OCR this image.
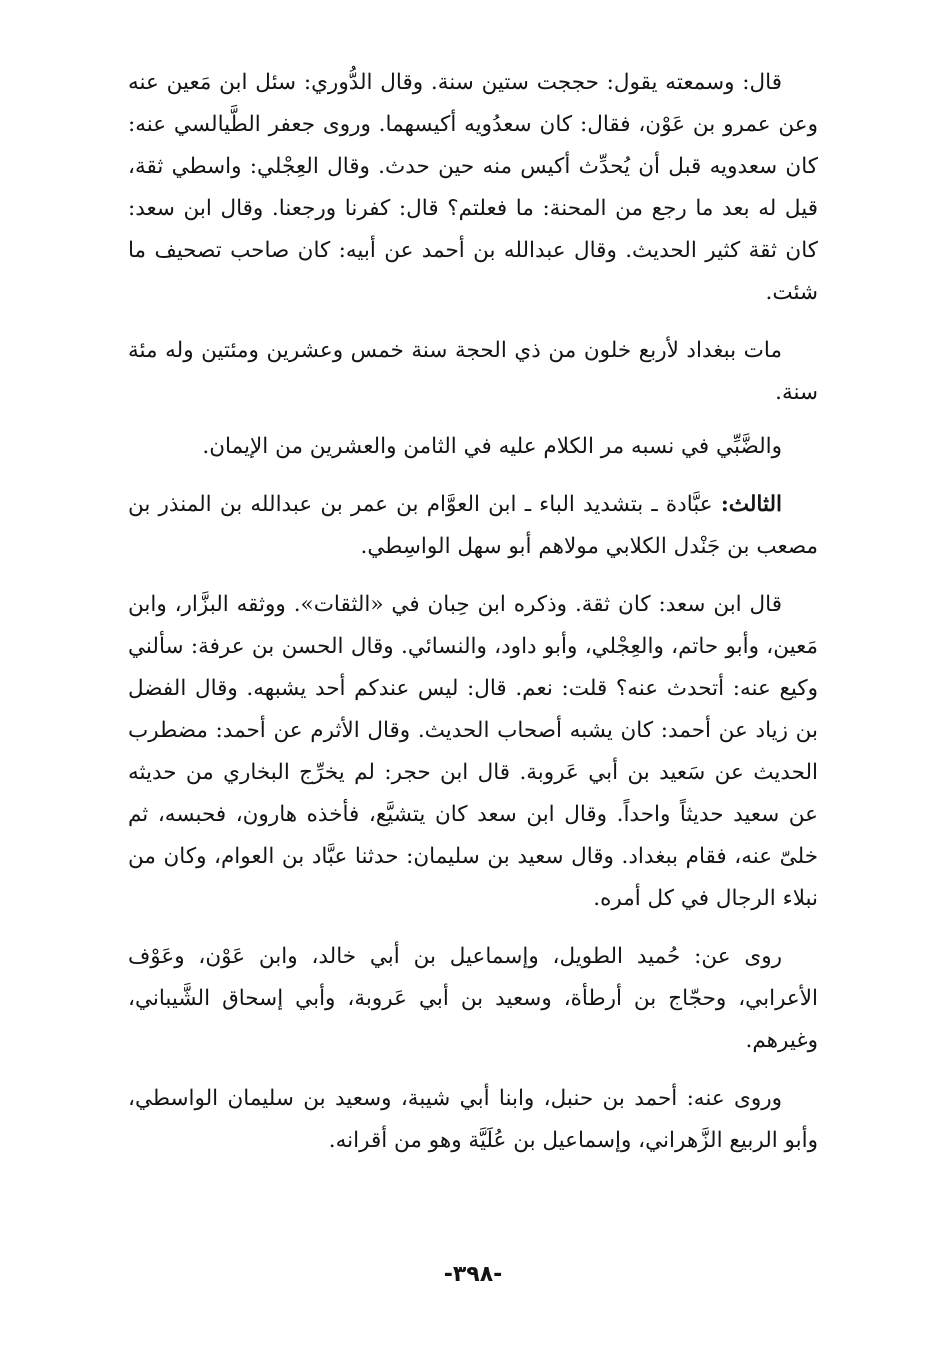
قال: وسمعته يقول: حججت ستين سنة. وقال الدُّوري: سئل ابن مَعين عنه وعن عمرو بن عَوْن، فقال: كان سعدُويه أكيسهما. وروى جعفر الطَّيالسي عنه: كان سعدويه قبل أن يُحدِّث أكيس منه حين حدث. وقال العِجْلي: واسطي ثقة، قيل له بعد ما رجع من المحنة: ما فعلتم؟ قال: كفرنا ورجعنا. وقال ابن سعد: كان ثقة كثير الحديث. وقال عبدالله بن أحمد عن أبيه: كان صاحب تصحيف ما شئت.

مات ببغداد لأربع خلون من ذي الحجة سنة خمس وعشرين ومئتين وله مئة سنة.

والضَّبِّي في نسبه مر الكلام عليه في الثامن والعشرين من الإيمان.

الثالث: عبَّادة ـ بتشديد الباء ـ ابن العوَّام بن عمر بن عبدالله بن المنذر بن مصعب بن جَنْدل الكلابي مولاهم أبو سهل الواسِطي.

قال ابن سعد: كان ثقة. وذكره ابن حِبان في «الثقات». ووثقه البزَّار، وابن مَعين، وأبو حاتم، والعِجْلي، وأبو داود، والنسائي. وقال الحسن بن عرفة: سألني وكيع عنه: أتحدث عنه؟ قلت: نعم. قال: ليس عندكم أحد يشبهه. وقال الفضل بن زياد عن أحمد: كان يشبه أصحاب الحديث. وقال الأثرم عن أحمد: مضطرب الحديث عن سَعيد بن أبي عَروبة. قال ابن حجر: لم يخرِّج البخاري من حديثه عن سعيد حديثاً واحداً. وقال ابن سعد كان يتشيَّع، فأخذه هارون، فحبسه، ثم خلىّ عنه، فقام ببغداد. وقال سعيد بن سليمان: حدثنا عبَّاد بن العوام، وكان من نبلاء الرجال في كل أمره.

روى عن: حُميد الطويل، وإسماعيل بن أبي خالد، وابن عَوْن، وعَوْف الأعرابي، وحجّاج بن أرطأة، وسعيد بن أبي عَروبة، وأبي إسحاق الشَّيباني، وغيرهم.

وروى عنه: أحمد بن حنبل، وابنا أبي شيبة، وسعيد بن سليمان الواسطي، وأبو الربيع الزَّهراني، وإسماعيل بن عُلَيَّة وهو من أقرانه.

-٣٩٨-
